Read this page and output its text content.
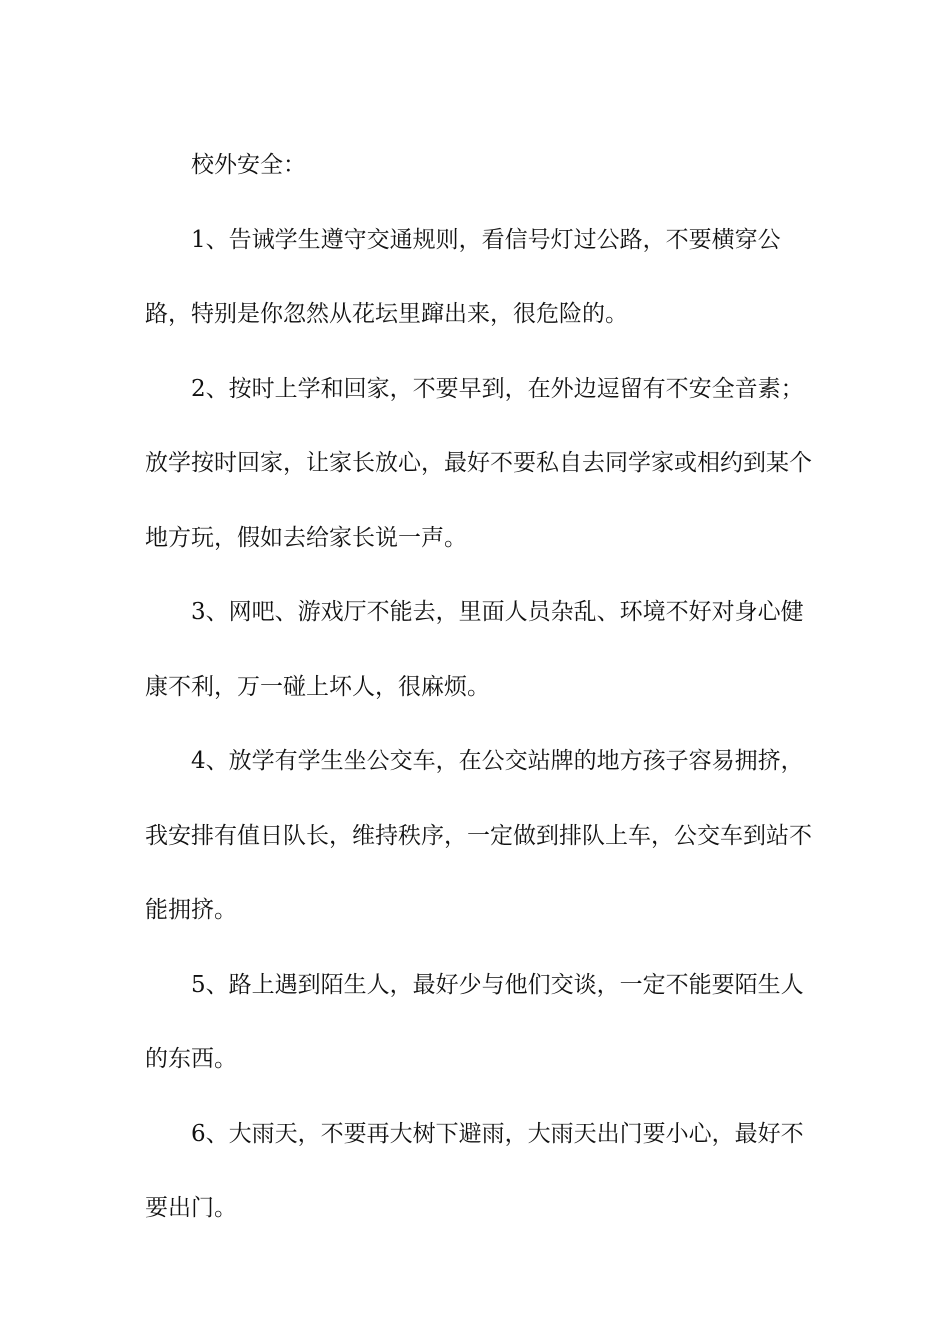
校外安全：

1、告诫学生遵守交通规则，看信号灯过公路，不要横穿公路，特别是你忽然从花坛里蹿出来，很危险的。

2、按时上学和回家，不要早到，在外边逗留有不安全音素；放学按时回家，让家长放心，最好不要私自去同学家或相约到某个地方玩，假如去给家长说一声。

3、网吧、游戏厅不能去，里面人员杂乱、环境不好对身心健康不利，万一碰上坏人，很麻烦。

4、放学有学生坐公交车，在公交站牌的地方孩子容易拥挤，我安排有值日队长，维持秩序，一定做到排队上车，公交车到站不能拥挤。

5、路上遇到陌生人，最好少与他们交谈，一定不能要陌生人的东西。

6、大雨天，不要再大树下避雨，大雨天出门要小心，最好不要出门。
